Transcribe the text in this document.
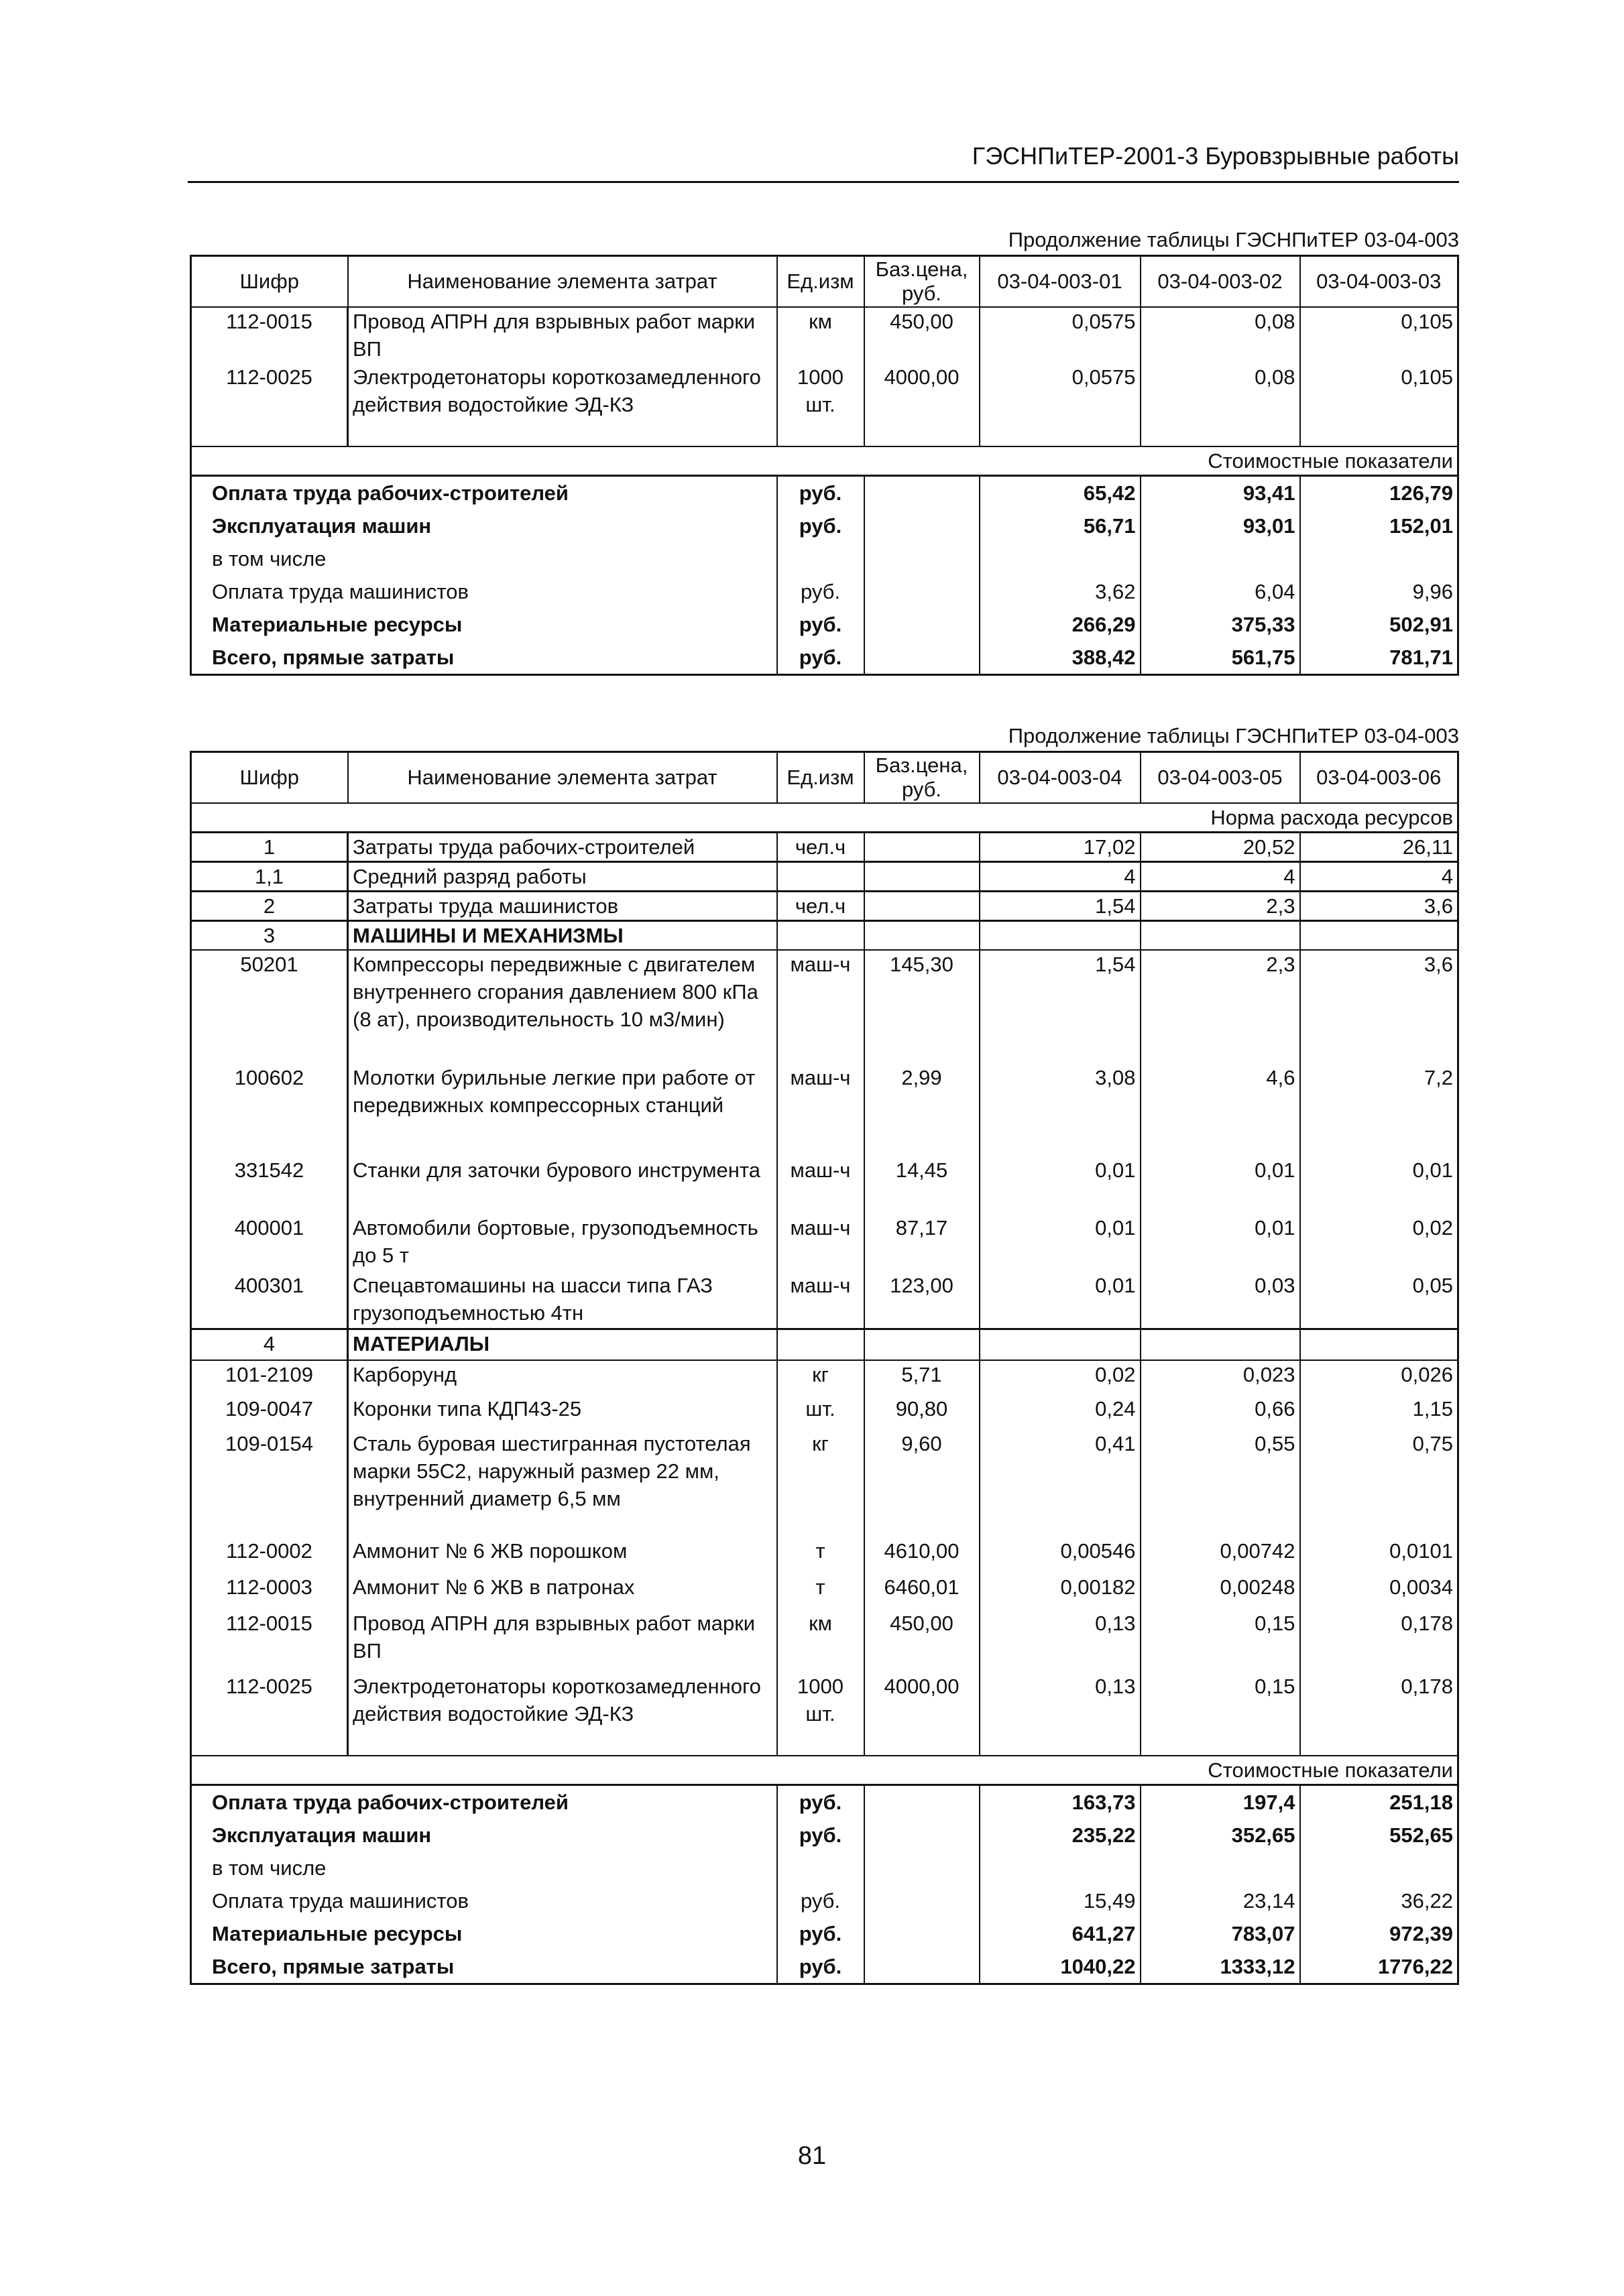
ГЭСНПиТЕР-2001-3 Буровзрывные работы
Продолжение таблицы ГЭСНПиТЕР 03-04-003
Шифр	Наименование элемента затрат	Ед.изм	Баз.цена, руб.	03-04-003-01	03-04-003-02	03-04-003-03
112-0015	Провод АПРН для взрывных работ марки ВП	км	450,00	0,0575	0,08	0,105
112-0025	Электродетонаторы короткозамедленного действия водостойкие ЭД-КЗ	1000 шт.	4000,00	0,0575	0,08	0,105
Стоимостные показатели						
Оплата труда рабочих-строителей		руб.		65,42	93,41	126,79
Эксплуатация машин		руб.		56,71	93,01	152,01
в том числе						
Оплата труда машинистов		руб.		3,62	6,04	9,96
Материальные ресурсы		руб.		266,29	375,33	502,91
Всего, прямые затраты		руб.		388,42	561,75	781,71
Продолжение таблицы ГЭСНПиТЕР 03-04-003
Шифр	Наименование элемента затрат	Ед.изм	Баз.цена, руб.	03-04-003-04	03-04-003-05	03-04-003-06
Норма расхода ресурсов						
1	Затраты труда рабочих-строителей	чел.ч		17,02	20,52	26,11
1,1	Средний разряд работы			4	4	4
2	Затраты труда машинистов	чел.ч		1,54	2,3	3,6
3	МАШИНЫ И МЕХАНИЗМЫ					
50201	Компрессоры передвижные с двигателем внутреннего сгорания давлением 800 кПа (8 ат), производительность 10 м3/мин)	маш-ч	145,30	1,54	2,3	3,6
100602	Молотки бурильные легкие при работе от передвижных компрессорных станций	маш-ч	2,99	3,08	4,6	7,2
331542	Станки для заточки бурового инструмента	маш-ч	14,45	0,01	0,01	0,01
400001	Автомобили бортовые, грузоподъемность до 5 т	маш-ч	87,17	0,01	0,01	0,02
400301	Спецавтомашины на шасси типа ГАЗ грузоподъемностью 4тн	маш-ч	123,00	0,01	0,03	0,05
4	МАТЕРИАЛЫ					
101-2109	Карборунд	кг	5,71	0,02	0,023	0,026
109-0047	Коронки типа КДП43-25	шт.	90,80	0,24	0,66	1,15
109-0154	Сталь буровая шестигранная пустотелая марки 55С2, наружный размер 22 мм, внутренний диаметр 6,5 мм	кг	9,60	0,41	0,55	0,75
112-0002	Аммонит № 6 ЖВ порошком	т	4610,00	0,00546	0,00742	0,0101
112-0003	Аммонит № 6 ЖВ в патронах	т	6460,01	0,00182	0,00248	0,0034
112-0015	Провод АПРН для взрывных работ марки ВП	км	450,00	0,13	0,15	0,178
112-0025	Электродетонаторы короткозамедленного действия водостойкие ЭД-КЗ	1000 шт.	4000,00	0,13	0,15	0,178
Стоимостные показатели						
Оплата труда рабочих-строителей		руб.		163,73	197,4	251,18
Эксплуатация машин		руб.		235,22	352,65	552,65
в том числе						
Оплата труда машинистов		руб.		15,49	23,14	36,22
Материальные ресурсы		руб.		641,27	783,07	972,39
Всего, прямые затраты		руб.		1040,22	1333,12	1776,22
81
